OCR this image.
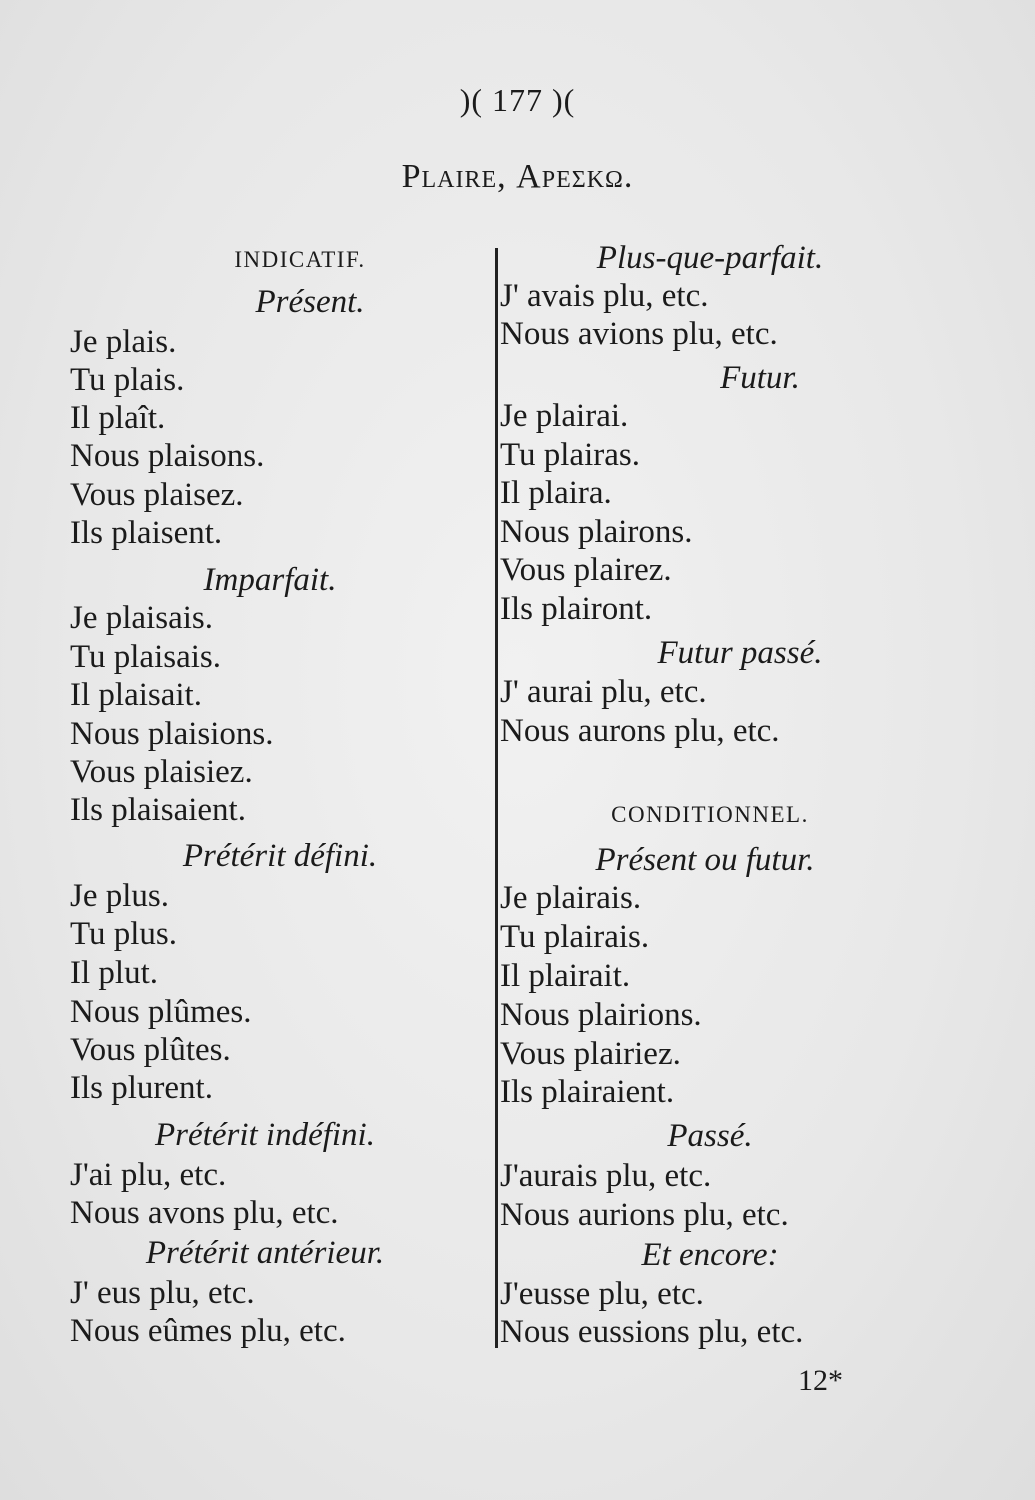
)( 177 )(
Plaire, Αρεσκω.
INDICATIF.
Présent.
Je plais.
Tu plais.
Il plaît.
Nous plaisons.
Vous plaisez.
Ils plaisent.
Imparfait.
Je plaisais.
Tu plaisais.
Il plaisait.
Nous plaisions.
Vous plaisiez.
Ils plaisaient.
Prétérit défini.
Je plus.
Tu plus.
Il plut.
Nous plûmes.
Vous plûtes.
Ils plurent.
Prétérit indéfini.
J'ai plu, etc.
Nous avons plu, etc.
Prétérit antérieur.
J' eus plu, etc.
Nous eûmes plu, etc.
Plus-que-parfait.
J' avais plu, etc.
Nous avions plu, etc.
Futur.
Je plairai.
Tu plairas.
Il plaira.
Nous plairons.
Vous plairez.
Ils plairont.
Futur passé.
J' aurai plu, etc.
Nous aurons plu, etc.
CONDITIONNEL.
Présent ou futur.
Je plairais.
Tu plairais.
Il plairait.
Nous plairions.
Vous plairiez.
Ils plairaient.
Passé.
J'aurais plu, etc.
Nous aurions plu, etc.
Et encore:
J'eusse plu, etc.
Nous eussions plu, etc.
12*
